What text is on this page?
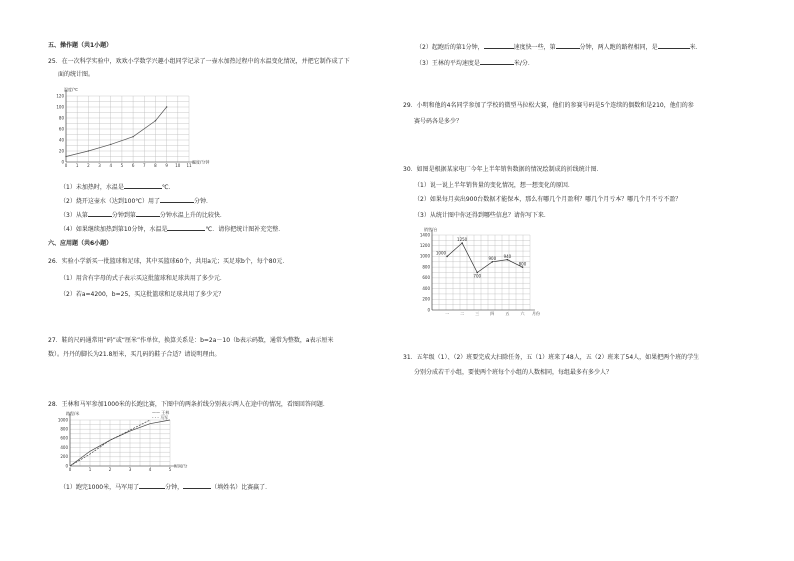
五、操作题（共1小题）
25．在一次科学实验中，欢欢小学数学兴趣小组同学记录了一壶水加热过程中的水温变化情况，并把它制作成了下
面的统计图。
0
20
40
60
80
100
120
0 1 2 3 4 5 6 7 8 9 10 11
温度/℃
温度/分钟
（1）未加热时，水温是	℃．
（2）烧开这壶水（达到100℃）用了	分钟．
（3）从第	分钟到第	分钟水温上升的比较快．
（4）如果继续加热到第10分钟，水温是	℃．请你把统计图补充完整．
六、应用题（共6小题）
26．实验小学新买一批篮球和足球，其中买篮球60个，共用a元；买足球b个，每个80元．
（1）用含有字母的式子表示买这批篮球和足球共用了多少元．
（2）若a=4200，b=25，买这批篮球和足球共用了多少元？
27．鞋的尺码通常用“码”或“厘米”作单位，换算关系是：b=2a－10（b表示码数，通常为整数，a表示厘米
数）。丹丹的脚长为21.8厘米，买几码的鞋子合适？请说明理由。
28．王林和马军参加1000米的长跑比赛，下图中的两条折线分别表示两人在途中的情况，看图回答问题．
0
200
400
600
800
1000
0	1	2	3	4	5
路程/米
时间/分
—— 王林
- - - 马军
（1）跑完1000米，马军用了	分钟，	（填姓名）比赛赢了．
（2）起跑后的第1分钟，	速度快一些，第	分钟，两人跑的路程相同，是	米．
（3）王林的平均速度是	米/分．
29．小明和他的4名同学参加了学校的微型马拉松大赛，他们的参赛号码是5个连续的偶数和是210，他们的参
赛号码各是多少？
30．如图是根据某家电厂今年上半年销售数据的情况绘制成的折线统计图．
（1）说一说上半年销售量的变化情况，想一想变化的原因．
（2）如果每月卖出900台数据才能保本，那么有哪几个月盈利？哪几个月亏本？哪几个月不亏不盈？
（3）从统计图中你还得到哪些信息？请你写下来．
0
200
400
600
800
1000
1200
1400
一	二	三	四	五	六
销售/台
月份
1000
1250
700
900 940
800
31．五年级（1）、（2）班要完成大扫除任务，五（1）班来了48人，五（2）班来了54人，如果把两个班的学生
分别分成若干小组，要使两个班每个小组的人数相同，每组最多有多少人？
